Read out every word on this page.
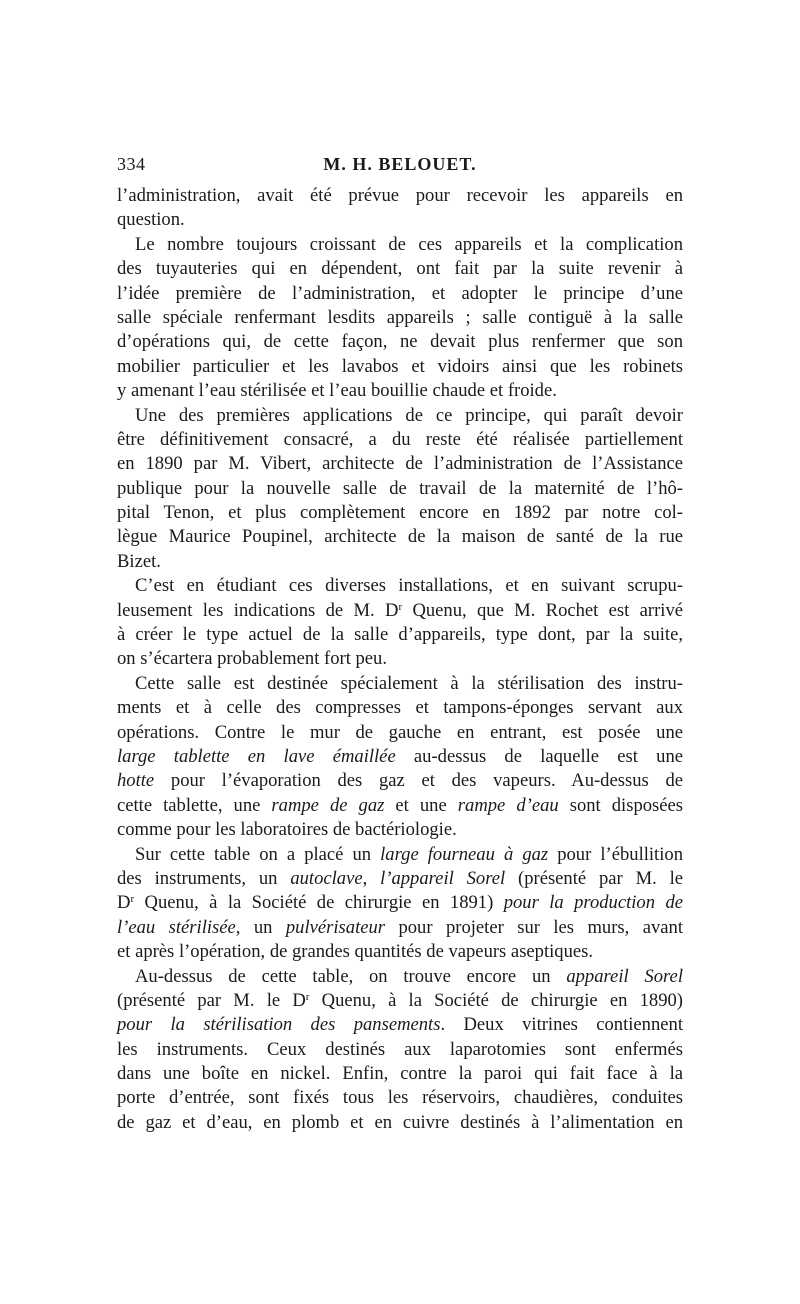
334	M. H. BELOUET.
l’administration, avait été prévue pour recevoir les appareils en
question.
Le nombre toujours croissant de ces appareils et la complication
des tuyauteries qui en dépendent, ont fait par la suite revenir à
l’idée première de l’administration, et adopter le principe d’une
salle spéciale renfermant lesdits appareils ; salle contiguë à la salle
d’opérations qui, de cette façon, ne devait plus renfermer que son
mobilier particulier et les lavabos et vidoirs ainsi que les robinets
y amenant l’eau stérilisée et l’eau bouillie chaude et froide.
Une des premières applications de ce principe, qui paraît devoir
être définitivement consacré, a du reste été réalisée partiellement
en 1890 par M. Vibert, architecte de l’administration de l’Assistance
publique pour la nouvelle salle de travail de la maternité de l’hô-
pital Tenon, et plus complètement encore en 1892 par notre col-
lègue Maurice Poupinel, architecte de la maison de santé de la rue
Bizet.
C’est en étudiant ces diverses installations, et en suivant scrupu-
leusement les indications de M. $D^r$ Quenu, que M. Rochet est arrivé
à créer le type actuel de la salle d’appareils, type dont, par la suite,
on s’écartera probablement fort peu.
Cette salle est destinée spécialement à la stérilisation des instru-
ments et à celle des compresses et tampons-éponges servant aux
opérations. Contre le mur de gauche en entrant, est posée une
large tablette en lave émaillée au-dessus de laquelle est une
hotte pour l’évaporation des gaz et des vapeurs. Au-dessus de
cette tablette, une rampe de gaz et une rampe d’eau sont disposées
comme pour les laboratoires de bactériologie.
Sur cette table on a placé un large fourneau à gaz pour l’ébullition
des instruments, un autoclave, l’appareil Sorel (présenté par M. le
$D^r$ Quenu, à la Société de chirurgie en 1891) pour la production de
l’eau stérilisée, un pulvérisateur pour projeter sur les murs, avant
et après l’opération, de grandes quantités de vapeurs aseptiques.
Au-dessus de cette table, on trouve encore un appareil Sorel
(présenté par M. le $D^r$ Quenu, à la Société de chirurgie en 1890)
pour la stérilisation des pansements. Deux vitrines contiennent
les instruments. Ceux destinés aux laparotomies sont enfermés
dans une boîte en nickel. Enfin, contre la paroi qui fait face à la
porte d’entrée, sont fixés tous les réservoirs, chaudières, conduites
de gaz et d’eau, en plomb et en cuivre destinés à l’alimentation en
